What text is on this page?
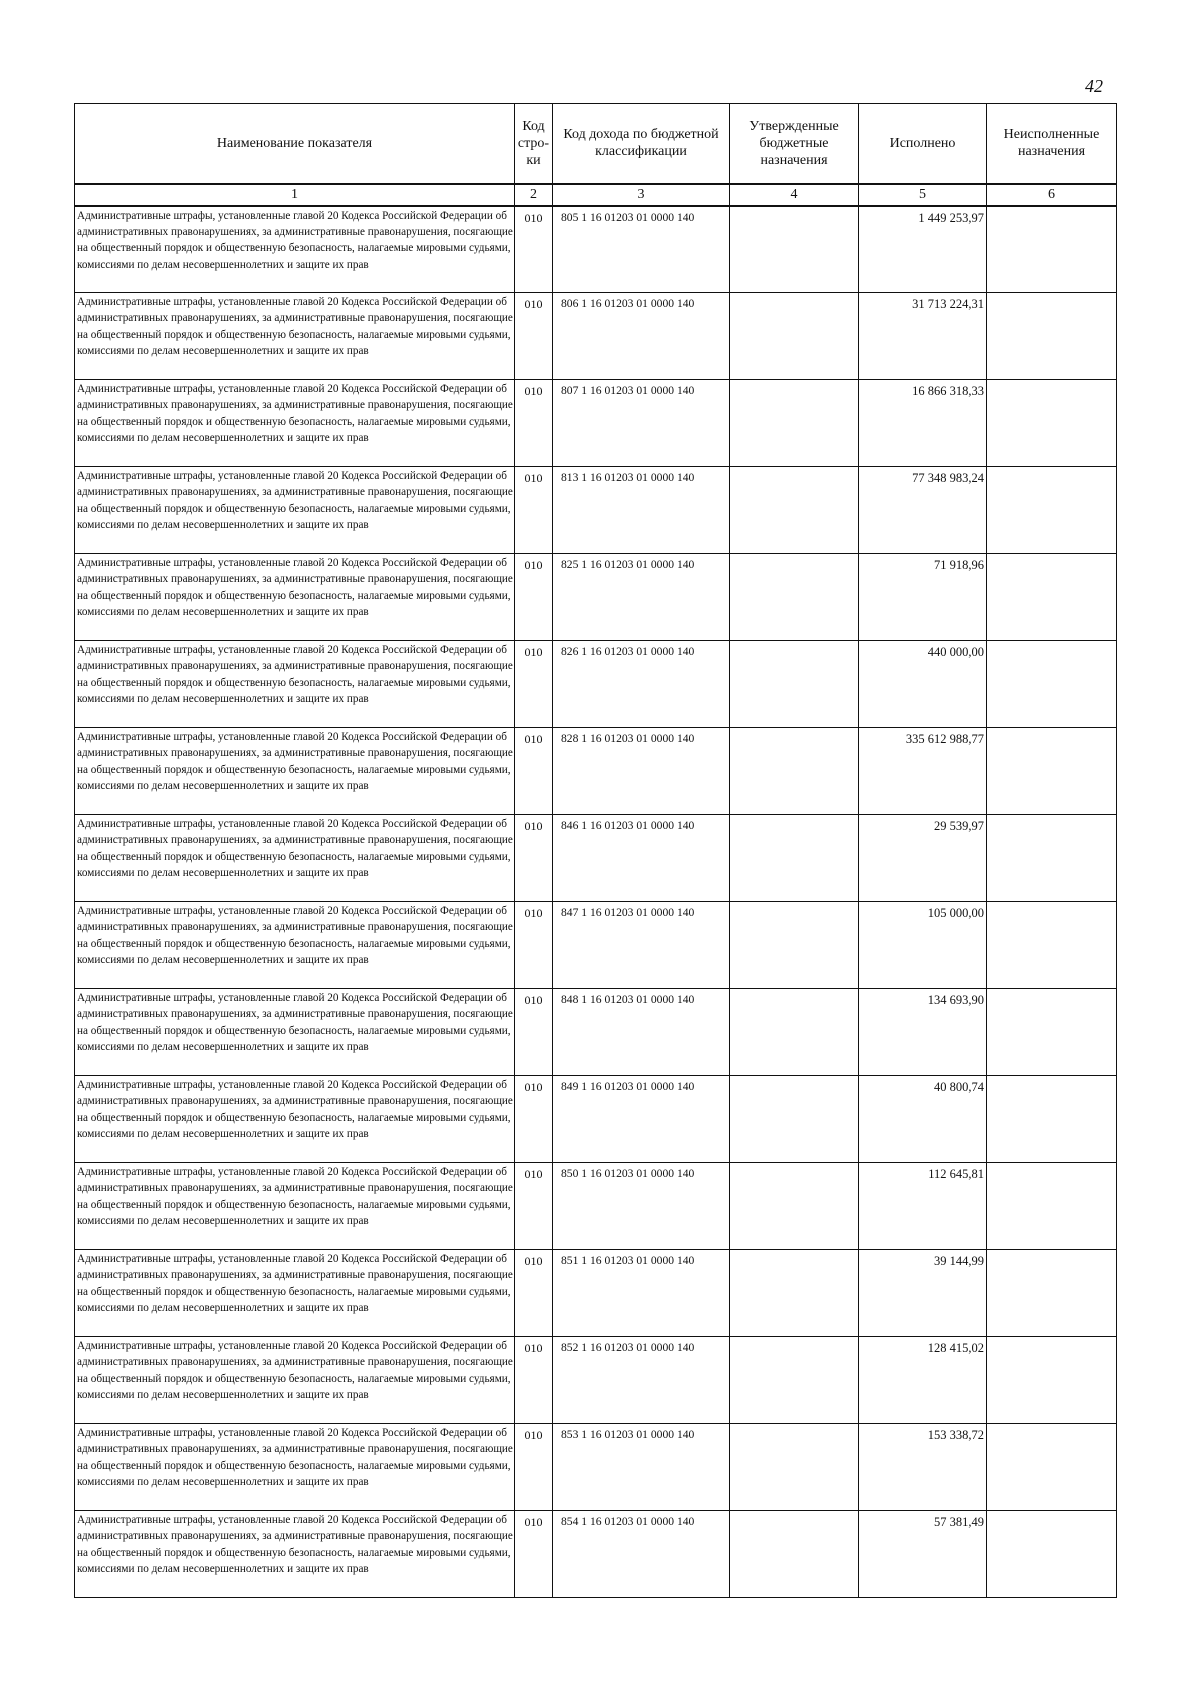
42
Наименование показателя	Код стро- ки	Код дохода по бюджетной классификации	Утвержденные бюджетные назначения	Исполнено	Неисполненные назначения
1	2	3	4	5	6
Административные штрафы, установленные главой 20 Кодекса Российской Федерации об административных правонарушениях, за административные правонарушения, посягающие на общественный порядок и общественную безопасность, налагаемые мировыми судьями, комиссиями по делам несовершеннолетних и защите их прав	010	805 1 16 01203 01 0000 140		1 449 253,97	
Административные штрафы, установленные главой 20 Кодекса Российской Федерации об административных правонарушениях, за административные правонарушения, посягающие на общественный порядок и общественную безопасность, налагаемые мировыми судьями, комиссиями по делам несовершеннолетних и защите их прав	010	806 1 16 01203 01 0000 140		31 713 224,31	
Административные штрафы, установленные главой 20 Кодекса Российской Федерации об административных правонарушениях, за административные правонарушения, посягающие на общественный порядок и общественную безопасность, налагаемые мировыми судьями, комиссиями по делам несовершеннолетних и защите их прав	010	807 1 16 01203 01 0000 140		16 866 318,33	
Административные штрафы, установленные главой 20 Кодекса Российской Федерации об административных правонарушениях, за административные правонарушения, посягающие на общественный порядок и общественную безопасность, налагаемые мировыми судьями, комиссиями по делам несовершеннолетних и защите их прав	010	813 1 16 01203 01 0000 140		77 348 983,24	
Административные штрафы, установленные главой 20 Кодекса Российской Федерации об административных правонарушениях, за административные правонарушения, посягающие на общественный порядок и общественную безопасность, налагаемые мировыми судьями, комиссиями по делам несовершеннолетних и защите их прав	010	825 1 16 01203 01 0000 140		71 918,96	
Административные штрафы, установленные главой 20 Кодекса Российской Федерации об административных правонарушениях, за административные правонарушения, посягающие на общественный порядок и общественную безопасность, налагаемые мировыми судьями, комиссиями по делам несовершеннолетних и защите их прав	010	826 1 16 01203 01 0000 140		440 000,00	
Административные штрафы, установленные главой 20 Кодекса Российской Федерации об административных правонарушениях, за административные правонарушения, посягающие на общественный порядок и общественную безопасность, налагаемые мировыми судьями, комиссиями по делам несовершеннолетних и защите их прав	010	828 1 16 01203 01 0000 140		335 612 988,77	
Административные штрафы, установленные главой 20 Кодекса Российской Федерации об административных правонарушениях, за административные правонарушения, посягающие на общественный порядок и общественную безопасность, налагаемые мировыми судьями, комиссиями по делам несовершеннолетних и защите их прав	010	846 1 16 01203 01 0000 140		29 539,97	
Административные штрафы, установленные главой 20 Кодекса Российской Федерации об административных правонарушениях, за административные правонарушения, посягающие на общественный порядок и общественную безопасность, налагаемые мировыми судьями, комиссиями по делам несовершеннолетних и защите их прав	010	847 1 16 01203 01 0000 140		105 000,00	
Административные штрафы, установленные главой 20 Кодекса Российской Федерации об административных правонарушениях, за административные правонарушения, посягающие на общественный порядок и общественную безопасность, налагаемые мировыми судьями, комиссиями по делам несовершеннолетних и защите их прав	010	848 1 16 01203 01 0000 140		134 693,90	
Административные штрафы, установленные главой 20 Кодекса Российской Федерации об административных правонарушениях, за административные правонарушения, посягающие на общественный порядок и общественную безопасность, налагаемые мировыми судьями, комиссиями по делам несовершеннолетних и защите их прав	010	849 1 16 01203 01 0000 140		40 800,74	
Административные штрафы, установленные главой 20 Кодекса Российской Федерации об административных правонарушениях, за административные правонарушения, посягающие на общественный порядок и общественную безопасность, налагаемые мировыми судьями, комиссиями по делам несовершеннолетних и защите их прав	010	850 1 16 01203 01 0000 140		112 645,81	
Административные штрафы, установленные главой 20 Кодекса Российской Федерации об административных правонарушениях, за административные правонарушения, посягающие на общественный порядок и общественную безопасность, налагаемые мировыми судьями, комиссиями по делам несовершеннолетних и защите их прав	010	851 1 16 01203 01 0000 140		39 144,99	
Административные штрафы, установленные главой 20 Кодекса Российской Федерации об административных правонарушениях, за административные правонарушения, посягающие на общественный порядок и общественную безопасность, налагаемые мировыми судьями, комиссиями по делам несовершеннолетних и защите их прав	010	852 1 16 01203 01 0000 140		128 415,02	
Административные штрафы, установленные главой 20 Кодекса Российской Федерации об административных правонарушениях, за административные правонарушения, посягающие на общественный порядок и общественную безопасность, налагаемые мировыми судьями, комиссиями по делам несовершеннолетних и защите их прав	010	853 1 16 01203 01 0000 140		153 338,72	
Административные штрафы, установленные главой 20 Кодекса Российской Федерации об административных правонарушениях, за административные правонарушения, посягающие на общественный порядок и общественную безопасность, налагаемые мировыми судьями, комиссиями по делам несовершеннолетних и защите их прав	010	854 1 16 01203 01 0000 140		57 381,49	
